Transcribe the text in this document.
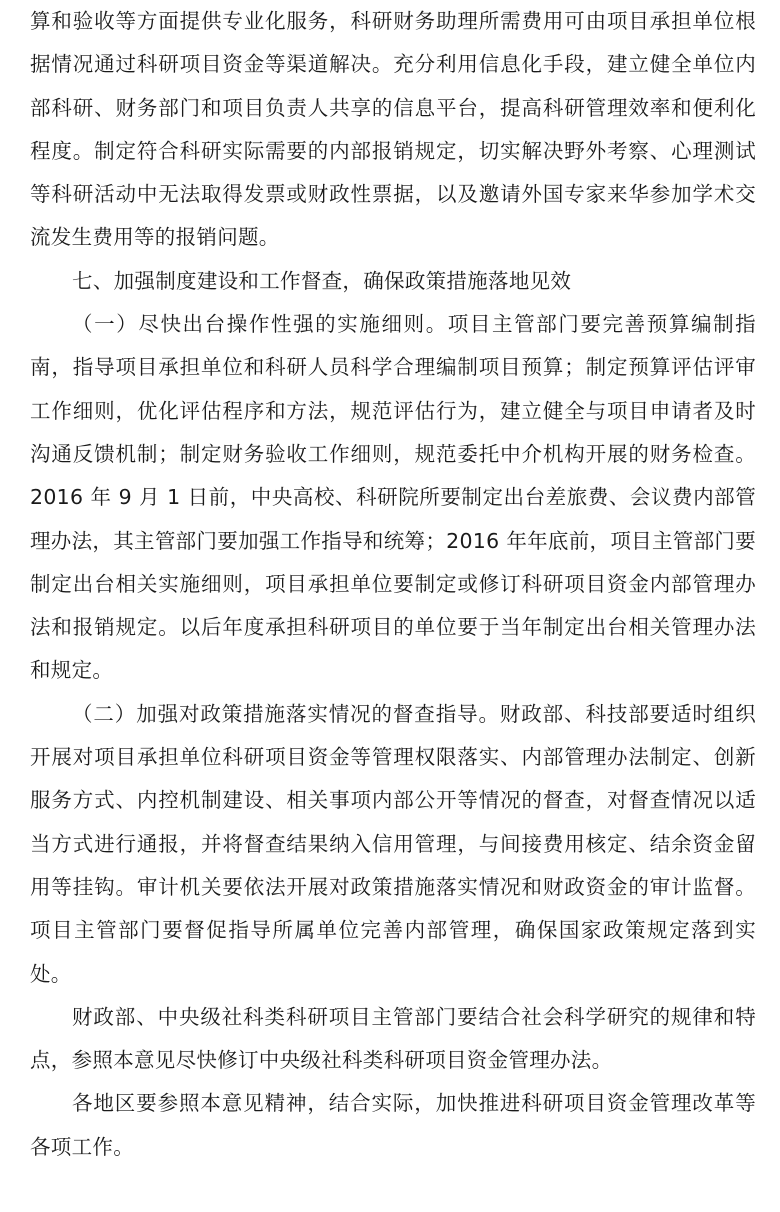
算和验收等方面提供专业化服务，科研财务助理所需费用可由项目承担单位根据情况通过科研项目资金等渠道解决。充分利用信息化手段，建立健全单位内部科研、财务部门和项目负责人共享的信息平台，提高科研管理效率和便利化程度。制定符合科研实际需要的内部报销规定，切实解决野外考察、心理测试等科研活动中无法取得发票或财政性票据，以及邀请外国专家来华参加学术交流发生费用等的报销问题。

七、加强制度建设和工作督查，确保政策措施落地见效

（一）尽快出台操作性强的实施细则。项目主管部门要完善预算编制指南，指导项目承担单位和科研人员科学合理编制项目预算；制定预算评估评审工作细则，优化评估程序和方法，规范评估行为，建立健全与项目申请者及时沟通反馈机制；制定财务验收工作细则，规范委托中介机构开展的财务检查。2016 年 9 月 1 日前，中央高校、科研院所要制定出台差旅费、会议费内部管理办法，其主管部门要加强工作指导和统筹；2016 年年底前，项目主管部门要制定出台相关实施细则，项目承担单位要制定或修订科研项目资金内部管理办法和报销规定。以后年度承担科研项目的单位要于当年制定出台相关管理办法和规定。

（二）加强对政策措施落实情况的督查指导。财政部、科技部要适时组织开展对项目承担单位科研项目资金等管理权限落实、内部管理办法制定、创新服务方式、内控机制建设、相关事项内部公开等情况的督查，对督查情况以适当方式进行通报，并将督查结果纳入信用管理，与间接费用核定、结余资金留用等挂钩。审计机关要依法开展对政策措施落实情况和财政资金的审计监督。项目主管部门要督促指导所属单位完善内部管理，确保国家政策规定落到实处。

财政部、中央级社科类科研项目主管部门要结合社会科学研究的规律和特点，参照本意见尽快修订中央级社科类科研项目资金管理办法。

各地区要参照本意见精神，结合实际，加快推进科研项目资金管理改革等各项工作。
